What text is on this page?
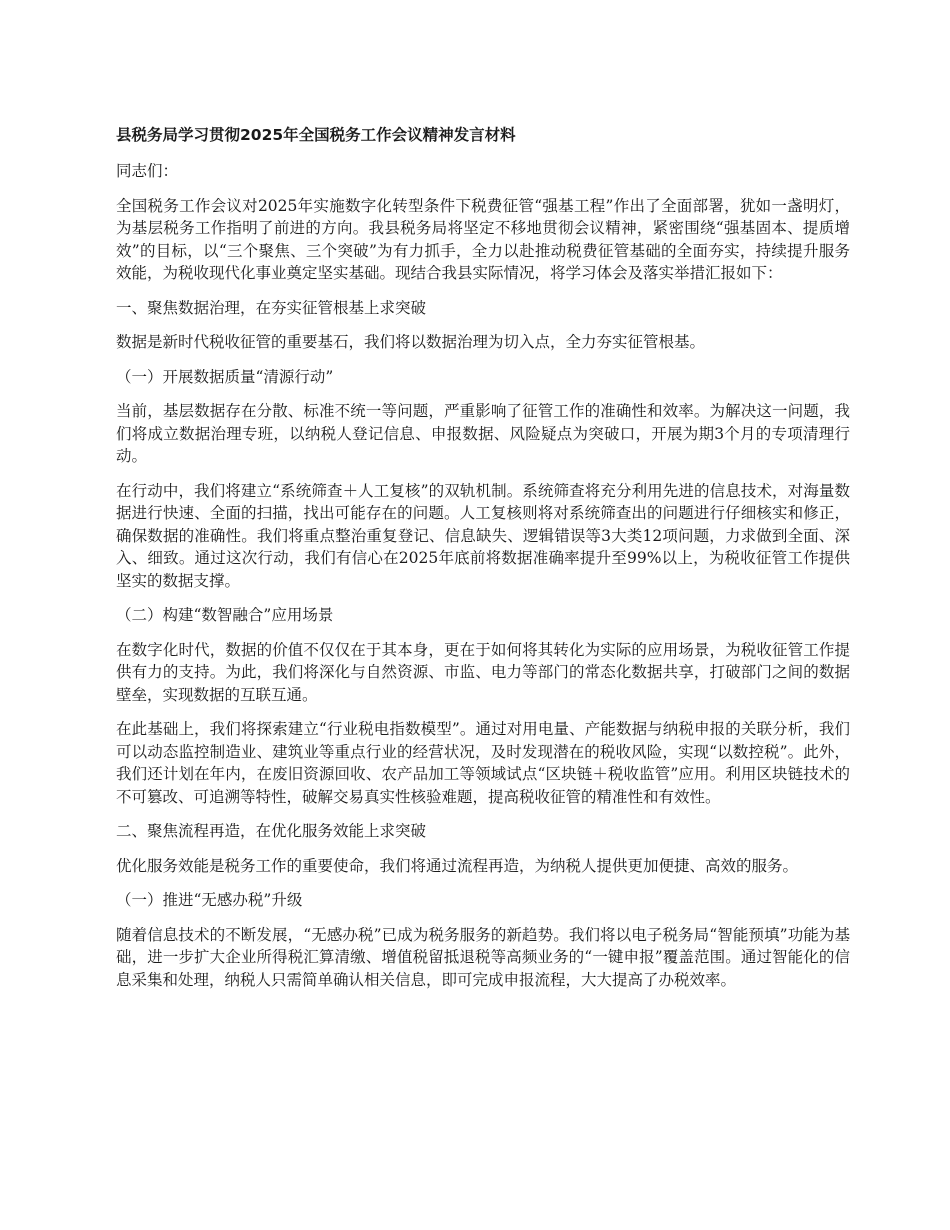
县税务局学习贯彻2025年全国税务工作会议精神发言材料

同志们：

全国税务工作会议对2025年实施数字化转型条件下税费征管“强基工程”作出了全面部署，犹如一盏明灯，为基层税务工作指明了前进的方向。我县税务局将坚定不移地贯彻会议精神，紧密围绕“强基固本、提质增效”的目标，以“三个聚焦、三个突破”为有力抓手，全力以赴推动税费征管基础的全面夯实，持续提升服务效能，为税收现代化事业奠定坚实基础。现结合我县实际情况，将学习体会及落实举措汇报如下：

一、聚焦数据治理，在夯实征管根基上求突破

数据是新时代税收征管的重要基石，我们将以数据治理为切入点，全力夯实征管根基。

（一）开展数据质量“清源行动”

当前，基层数据存在分散、标准不统一等问题，严重影响了征管工作的准确性和效率。为解决这一问题，我们将成立数据治理专班，以纳税人登记信息、申报数据、风险疑点为突破口，开展为期3个月的专项清理行动。

在行动中，我们将建立“系统筛查＋人工复核”的双轨机制。系统筛查将充分利用先进的信息技术，对海量数据进行快速、全面的扫描，找出可能存在的问题。人工复核则将对系统筛查出的问题进行仔细核实和修正，确保数据的准确性。我们将重点整治重复登记、信息缺失、逻辑错误等3大类12项问题，力求做到全面、深入、细致。通过这次行动，我们有信心在2025年底前将数据准确率提升至99%以上，为税收征管工作提供坚实的数据支撑。

（二）构建“数智融合”应用场景

在数字化时代，数据的价值不仅仅在于其本身，更在于如何将其转化为实际的应用场景，为税收征管工作提供有力的支持。为此，我们将深化与自然资源、市监、电力等部门的常态化数据共享，打破部门之间的数据壁垒，实现数据的互联互通。

在此基础上，我们将探索建立“行业税电指数模型”。通过对用电量、产能数据与纳税申报的关联分析，我们可以动态监控制造业、建筑业等重点行业的经营状况，及时发现潜在的税收风险，实现“以数控税”。此外，我们还计划在年内，在废旧资源回收、农产品加工等领域试点“区块链＋税收监管”应用。利用区块链技术的不可篡改、可追溯等特性，破解交易真实性核验难题，提高税收征管的精准性和有效性。

二、聚焦流程再造，在优化服务效能上求突破

优化服务效能是税务工作的重要使命，我们将通过流程再造，为纳税人提供更加便捷、高效的服务。

（一）推进“无感办税”升级

随着信息技术的不断发展，“无感办税”已成为税务服务的新趋势。我们将以电子税务局“智能预填”功能为基础，进一步扩大企业所得税汇算清缴、增值税留抵退税等高频业务的“一键申报”覆盖范围。通过智能化的信息采集和处理，纳税人只需简单确认相关信息，即可完成申报流程，大大提高了办税效率。
